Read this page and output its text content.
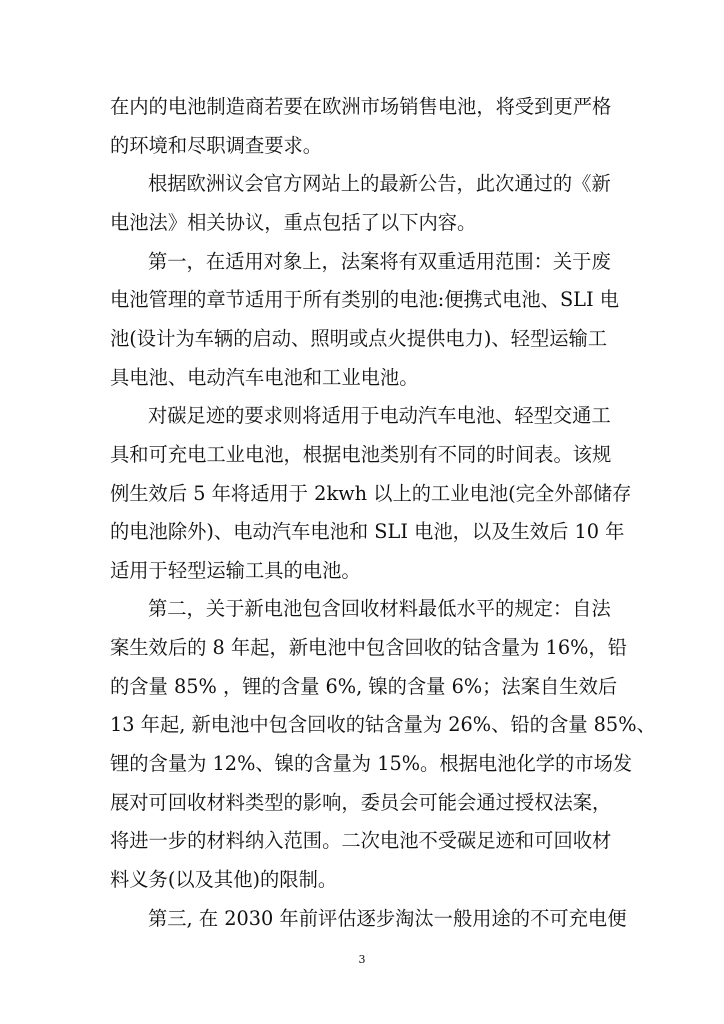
在内的电池制造商若要在欧洲市场销售电池，将受到更严格
的环境和尽职调查要求。
根据欧洲议会官方网站上的最新公告，此次通过的《新
电池法》相关协议，重点包括了以下内容。
第一，在适用对象上，法案将有双重适用范围：关于废
电池管理的章节适用于所有类别的电池:便携式电池、SLI 电
池(设计为车辆的启动、照明或点火提供电力)、轻型运输工
具电池、电动汽车电池和工业电池。
对碳足迹的要求则将适用于电动汽车电池、轻型交通工
具和可充电工业电池，根据电池类别有不同的时间表。该规
例生效后 5 年将适用于 2kwh 以上的工业电池(完全外部储存
的电池除外)、电动汽车电池和 SLI 电池，以及生效后 10 年
适用于轻型运输工具的电池。
第二，关于新电池包含回收材料最低水平的规定：自法
案生效后的 8 年起，新电池中包含回收的钴含量为 16%，铅
的含量 85% ，锂的含量 6%, 镍的含量 6%；法案自生效后
13 年起, 新电池中包含回收的钴含量为 26%、铅的含量 85%、
锂的含量为 12%、镍的含量为 15%。根据电池化学的市场发
展对可回收材料类型的影响，委员会可能会通过授权法案，
将进一步的材料纳入范围。二次电池不受碳足迹和可回收材
料义务(以及其他)的限制。
第三, 在 2030 年前评估逐步淘汰一般用途的不可充电便
3
